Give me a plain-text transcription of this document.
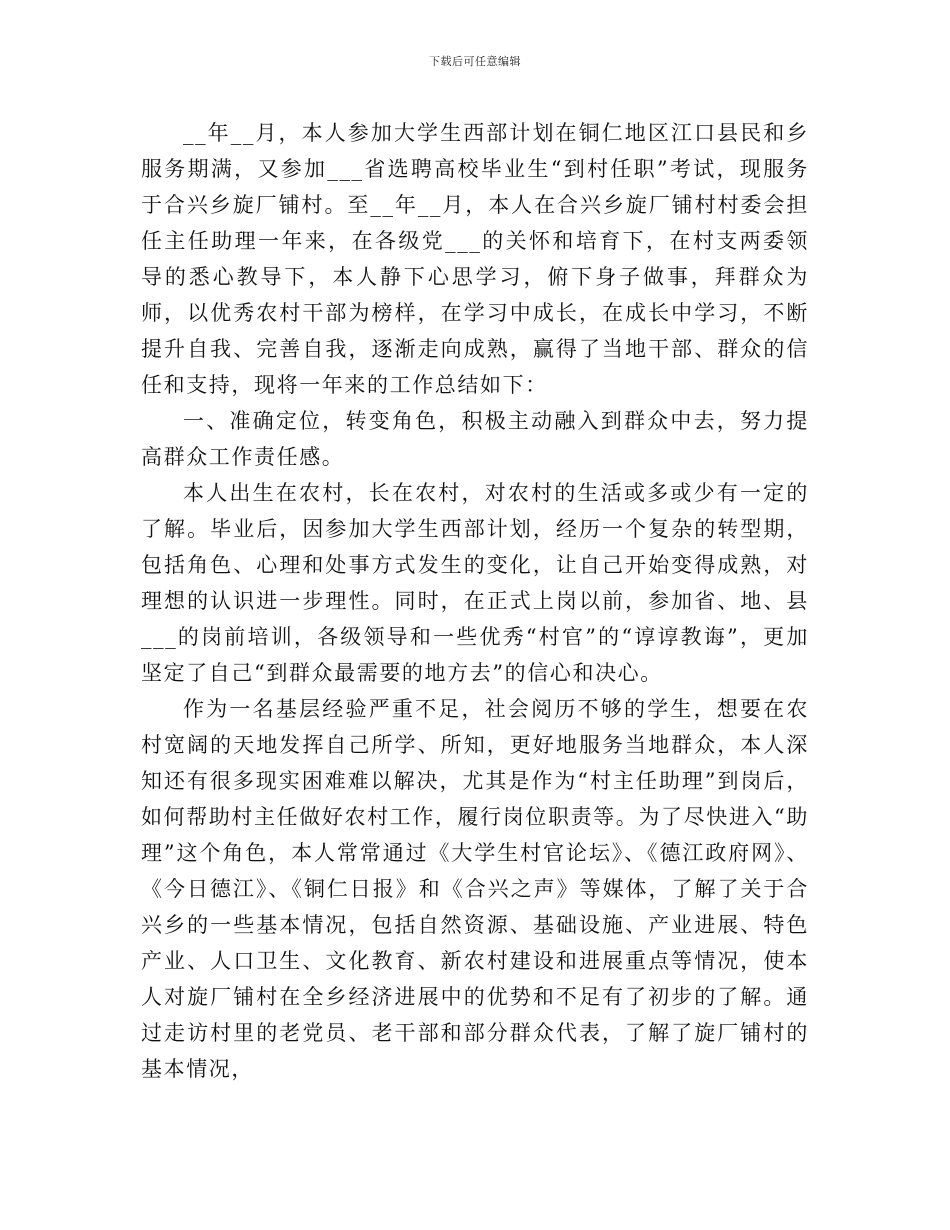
下载后可任意编辑

__年__月，本人参加大学生西部计划在铜仁地区江口县民和乡服务期满，又参加___省选聘高校毕业生“到村任职”考试，现服务于合兴乡旋厂铺村。至__年__月，本人在合兴乡旋厂铺村村委会担任主任助理一年来，在各级党___的关怀和培育下，在村支两委领导的悉心教导下，本人静下心思学习，俯下身子做事，拜群众为师，以优秀农村干部为榜样，在学习中成长，在成长中学习，不断提升自我、完善自我，逐渐走向成熟，赢得了当地干部、群众的信任和支持，现将一年来的工作总结如下：

一、准确定位，转变角色，积极主动融入到群众中去，努力提高群众工作责任感。

本人出生在农村，长在农村，对农村的生活或多或少有一定的了解。毕业后，因参加大学生西部计划，经历一个复杂的转型期，包括角色、心理和处事方式发生的变化，让自己开始变得成熟，对理想的认识进一步理性。同时，在正式上岗以前，参加省、地、县___的岗前培训，各级领导和一些优秀“村官”的“谆谆教诲”，更加坚定了自己“到群众最需要的地方去”的信心和决心。

作为一名基层经验严重不足，社会阅历不够的学生，想要在农村宽阔的天地发挥自己所学、所知，更好地服务当地群众，本人深知还有很多现实困难难以解决，尤其是作为“村主任助理”到岗后，如何帮助村主任做好农村工作，履行岗位职责等。为了尽快进入“助理”这个角色，本人常常通过《大学生村官论坛》、《德江政府网》、《今日德江》、《铜仁日报》和《合兴之声》等媒体，了解了关于合兴乡的一些基本情况，包括自然资源、基础设施、产业进展、特色产业、人口卫生、文化教育、新农村建设和进展重点等情况，使本人对旋厂铺村在全乡经济进展中的优势和不足有了初步的了解。通过走访村里的老党员、老干部和部分群众代表，了解了旋厂铺村的基本情况，
